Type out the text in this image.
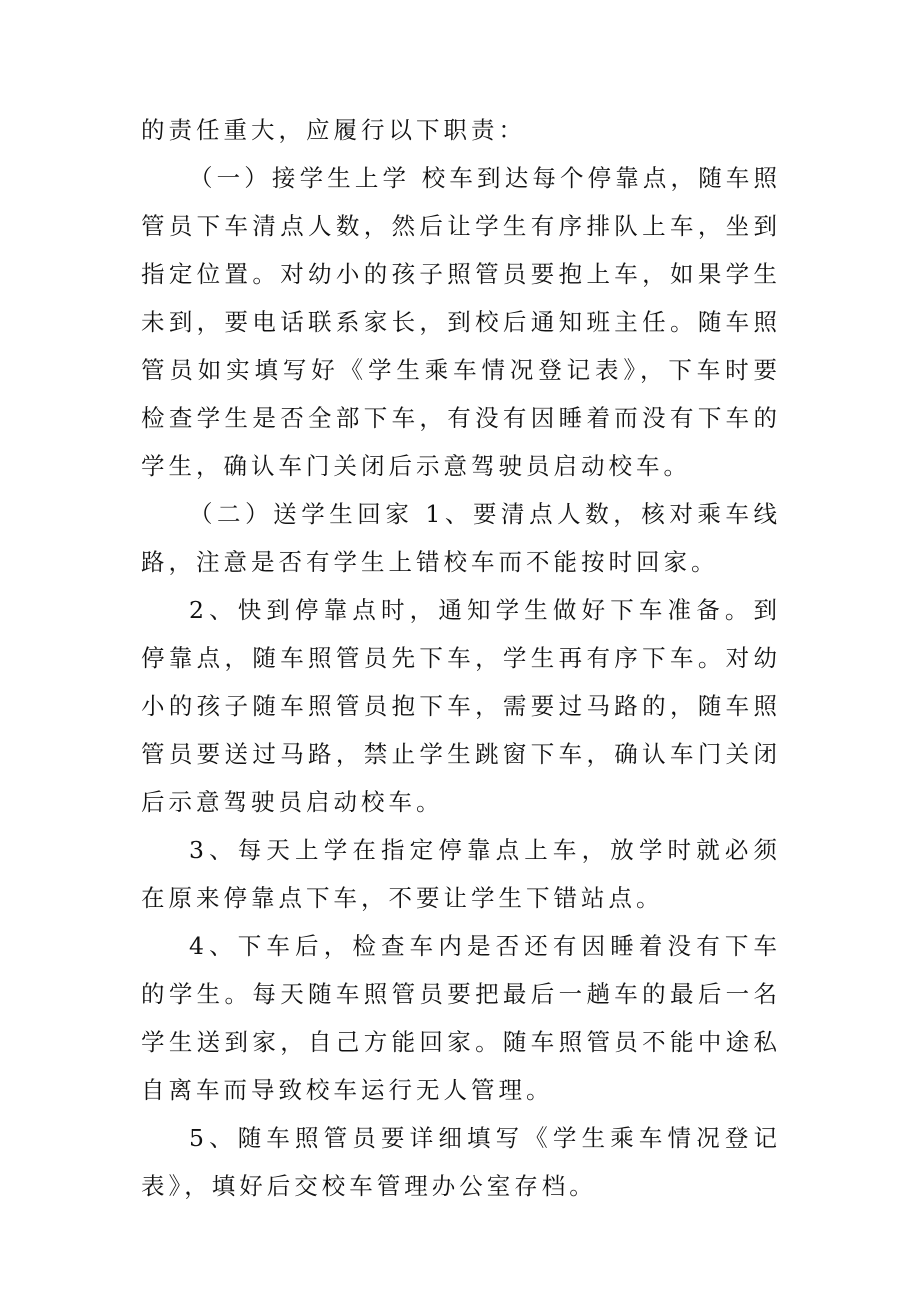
的责任重大，应履行以下职责：

（一）接学生上学 校车到达每个停靠点，随车照管员下车清点人数，然后让学生有序排队上车，坐到指定位置。对幼小的孩子照管员要抱上车，如果学生未到，要电话联系家长，到校后通知班主任。随车照管员如实填写好《学生乘车情况登记表》，下车时要检查学生是否全部下车，有没有因睡着而没有下车的学生，确认车门关闭后示意驾驶员启动校车。

（二）送学生回家 1、要清点人数，核对乘车线路，注意是否有学生上错校车而不能按时回家。

2、快到停靠点时，通知学生做好下车准备。到停靠点，随车照管员先下车，学生再有序下车。对幼小的孩子随车照管员抱下车，需要过马路的，随车照管员要送过马路，禁止学生跳窗下车，确认车门关闭后示意驾驶员启动校车。

3、每天上学在指定停靠点上车，放学时就必须在原来停靠点下车，不要让学生下错站点。

4、下车后，检查车内是否还有因睡着没有下车的学生。每天随车照管员要把最后一趟车的最后一名学生送到家，自己方能回家。随车照管员不能中途私自离车而导致校车运行无人管理。

5、随车照管员要详细填写《学生乘车情况登记表》，填好后交校车管理办公室存档。
